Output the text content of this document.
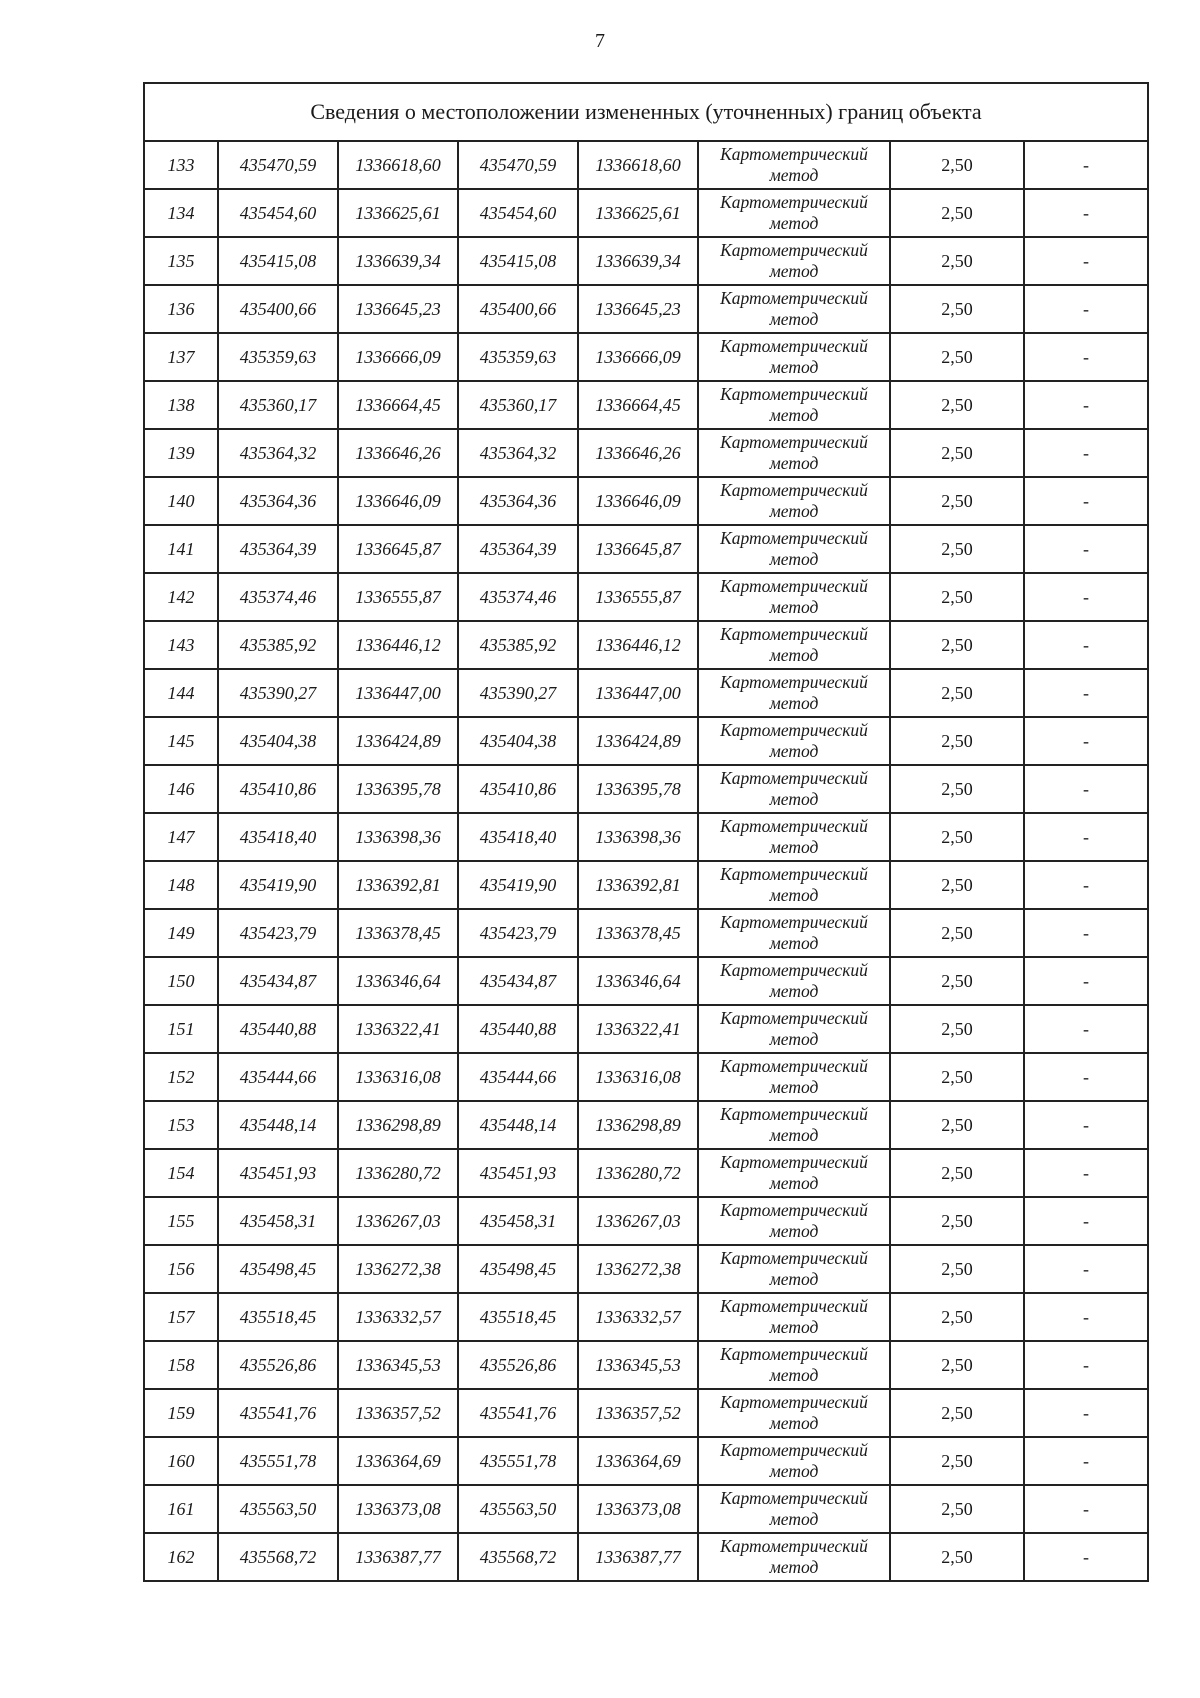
7
Сведения о местоположении измененных (уточненных) границ объекта							
133	435470,59	1336618,60	435470,59	1336618,60	Картометрический метод	2,50	-
134	435454,60	1336625,61	435454,60	1336625,61	Картометрический метод	2,50	-
135	435415,08	1336639,34	435415,08	1336639,34	Картометрический метод	2,50	-
136	435400,66	1336645,23	435400,66	1336645,23	Картометрический метод	2,50	-
137	435359,63	1336666,09	435359,63	1336666,09	Картометрический метод	2,50	-
138	435360,17	1336664,45	435360,17	1336664,45	Картометрический метод	2,50	-
139	435364,32	1336646,26	435364,32	1336646,26	Картометрический метод	2,50	-
140	435364,36	1336646,09	435364,36	1336646,09	Картометрический метод	2,50	-
141	435364,39	1336645,87	435364,39	1336645,87	Картометрический метод	2,50	-
142	435374,46	1336555,87	435374,46	1336555,87	Картометрический метод	2,50	-
143	435385,92	1336446,12	435385,92	1336446,12	Картометрический метод	2,50	-
144	435390,27	1336447,00	435390,27	1336447,00	Картометрический метод	2,50	-
145	435404,38	1336424,89	435404,38	1336424,89	Картометрический метод	2,50	-
146	435410,86	1336395,78	435410,86	1336395,78	Картометрический метод	2,50	-
147	435418,40	1336398,36	435418,40	1336398,36	Картометрический метод	2,50	-
148	435419,90	1336392,81	435419,90	1336392,81	Картометрический метод	2,50	-
149	435423,79	1336378,45	435423,79	1336378,45	Картометрический метод	2,50	-
150	435434,87	1336346,64	435434,87	1336346,64	Картометрический метод	2,50	-
151	435440,88	1336322,41	435440,88	1336322,41	Картометрический метод	2,50	-
152	435444,66	1336316,08	435444,66	1336316,08	Картометрический метод	2,50	-
153	435448,14	1336298,89	435448,14	1336298,89	Картометрический метод	2,50	-
154	435451,93	1336280,72	435451,93	1336280,72	Картометрический метод	2,50	-
155	435458,31	1336267,03	435458,31	1336267,03	Картометрический метод	2,50	-
156	435498,45	1336272,38	435498,45	1336272,38	Картометрический метод	2,50	-
157	435518,45	1336332,57	435518,45	1336332,57	Картометрический метод	2,50	-
158	435526,86	1336345,53	435526,86	1336345,53	Картометрический метод	2,50	-
159	435541,76	1336357,52	435541,76	1336357,52	Картометрический метод	2,50	-
160	435551,78	1336364,69	435551,78	1336364,69	Картометрический метод	2,50	-
161	435563,50	1336373,08	435563,50	1336373,08	Картометрический метод	2,50	-
162	435568,72	1336387,77	435568,72	1336387,77	Картометрический метод	2,50	-
